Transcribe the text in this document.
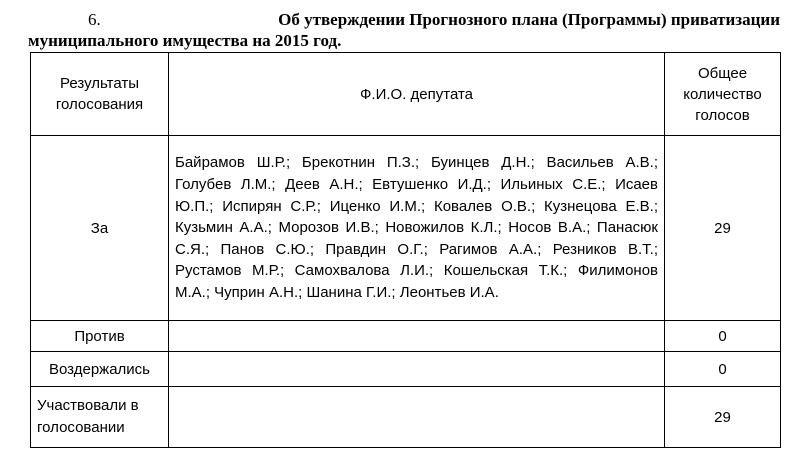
6.	Об утверждении Прогнозного плана (Программы) приватизации
муниципального имущества на 2015 год.
Результаты голосования	Ф.И.О. депутата	Общее количество голосов
За	Байрамов Ш.Р.; Брекотнин П.З.; Буинцев Д.Н.; Васильев А.В.; Голубев Л.М.; Деев А.Н.; Евтушенко И.Д.; Ильиных С.Е.; Исаев Ю.П.; Испирян С.Р.; Иценко И.М.; Ковалев О.В.; Кузнецова Е.В.; Кузьмин А.А.; Морозов И.В.; Новожилов К.Л.; Носов В.А.; Панасюк С.Я.; Панов С.Ю.; Правдин О.Г.; Рагимов А.А.; Резников В.Т.; Рустамов М.Р.; Самохвалова Л.И.; Кошельская Т.К.; Филимонов М.А.; Чуприн А.Н.; Шанина Г.И.; Леонтьев И.А.	29
Против		0
Воздержались		0
Участвовали в голосовании		29
